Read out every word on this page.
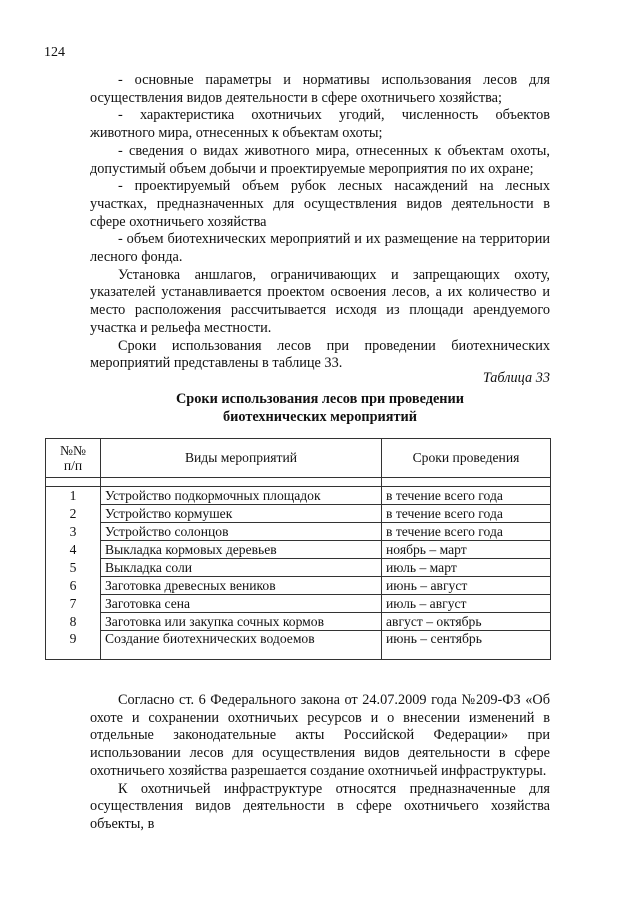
124

- основные параметры и нормативы использования лесов для осуществления видов деятельности в сфере охотничьего хозяйства;

- характеристика охотничьих угодий, численность объектов животного мира, отнесенных к объектам охоты;

- сведения о видах животного мира, отнесенных к объектам охоты, допустимый объем добычи и проектируемые мероприятия по их охране;

- проектируемый объем рубок лесных насаждений на лесных участках, предназначенных для осуществления видов деятельности в сфере охотничьего хозяйства

- объем биотехнических мероприятий и их размещение на территории лесного фонда.

Установка аншлагов, ограничивающих и запрещающих охоту, указателей устанавливается проектом освоения лесов, а их количество и место расположения рассчитывается исходя из площади арендуемого участка и рельефа местности.

Сроки использования лесов при проведении биотехнических мероприятий представлены в таблице 33.

Таблица 33
Сроки использования лесов при проведении
биотехнических мероприятий
№№
п/п	Виды мероприятий	Сроки проведения

1	Устройство подкормочных площадок	в течение всего года
2	Устройство кормушек	в течение всего года
3	Устройство солонцов	в течение всего года
4	Выкладка кормовых деревьев	ноябрь – март
5	Выкладка соли	июль – март
6	Заготовка древесных веников	июнь – август
7	Заготовка сена	июль – август
8	Заготовка или закупка сочных кормов	август – октябрь
9	Создание биотехнических водоемов	июнь – сентябрь

Согласно ст. 6 Федерального закона от 24.07.2009 года №209-ФЗ «Об охоте и сохранении охотничьих ресурсов и о внесении изменений в отдельные законодательные акты Российской Федерации» при использовании лесов для осуществления видов деятельности в сфере охотничьего хозяйства разрешается создание охотничьей инфраструктуры.

К охотничьей инфраструктуре относятся предназначенные для осуществления видов деятельности в сфере охотничьего хозяйства объекты, в
